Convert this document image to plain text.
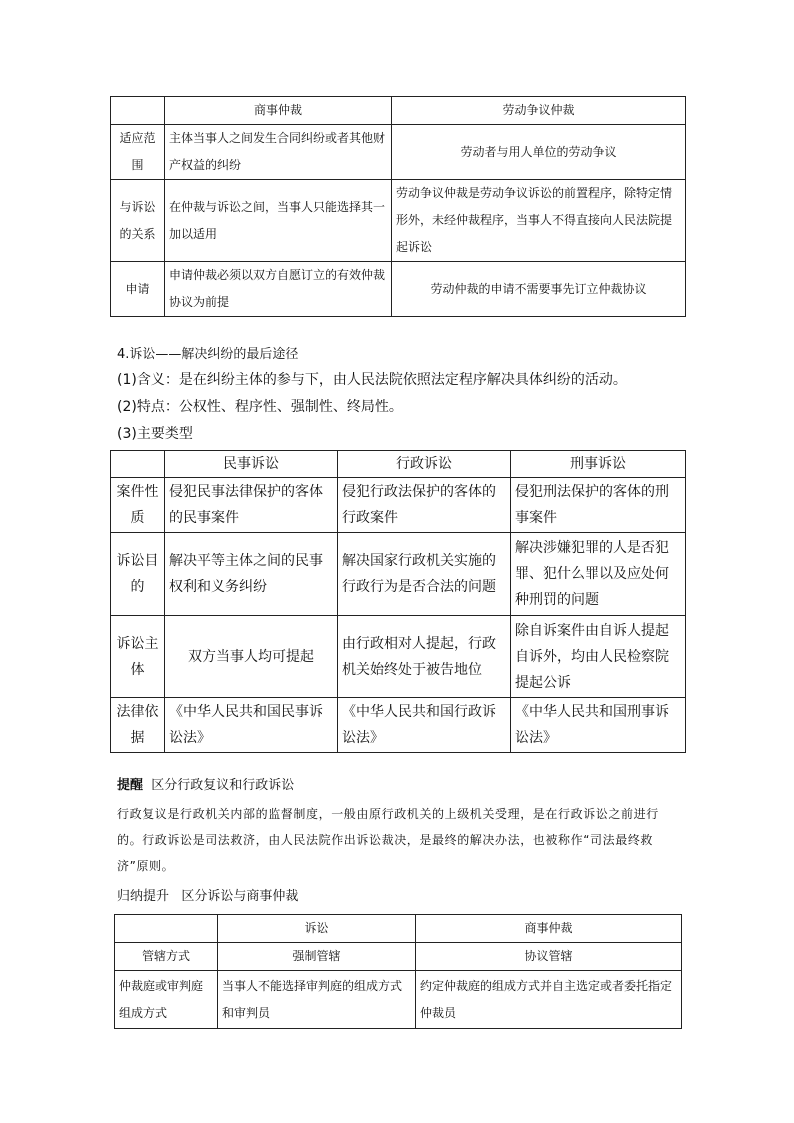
	商事仲裁	劳动争议仲裁
适应范围	主体当事人之间发生合同纠纷或者其他财产权益的纠纷	劳动者与用人单位的劳动争议
与诉讼的关系	在仲裁与诉讼之间，当事人只能选择其一加以适用	劳动争议仲裁是劳动争议诉讼的前置程序，除特定情形外，未经仲裁程序，当事人不得直接向人民法院提起诉讼
申请	申请仲裁必须以双方自愿订立的有效仲裁协议为前提	劳动仲裁的申请不需要事先订立仲裁协议
4.诉讼——解决纠纷的最后途径
(1)含义：是在纠纷主体的参与下，由人民法院依照法定程序解决具体纠纷的活动。
(2)特点：公权性、程序性、强制性、终局性。
(3)主要类型
	民事诉讼	行政诉讼	刑事诉讼
案件性质	侵犯民事法律保护的客体的民事案件	侵犯行政法保护的客体的行政案件	侵犯刑法保护的客体的刑事案件
诉讼目的	解决平等主体之间的民事权利和义务纠纷	解决国家行政机关实施的行政行为是否合法的问题	解决涉嫌犯罪的人是否犯罪、犯什么罪以及应处何种刑罚的问题
诉讼主体	双方当事人均可提起	由行政相对人提起，行政机关始终处于被告地位	除自诉案件由自诉人提起自诉外，均由人民检察院提起公诉
法律依据	《中华人民共和国民事诉讼法》	《中华人民共和国行政诉讼法》	《中华人民共和国刑事诉讼法》
提醒 区分行政复议和行政诉讼
行政复议是行政机关内部的监督制度，一般由原行政机关的上级机关受理，是在行政诉讼之前进行的。行政诉讼是司法救济，由人民法院作出诉讼裁决，是最终的解决办法，也被称作“司法最终救济”原则。
归纳提升 区分诉讼与商事仲裁
	诉讼	商事仲裁
管辖方式	强制管辖	协议管辖
仲裁庭或审判庭组成方式	当事人不能选择审判庭的组成方式和审判员	约定仲裁庭的组成方式并自主选定或者委托指定仲裁员
